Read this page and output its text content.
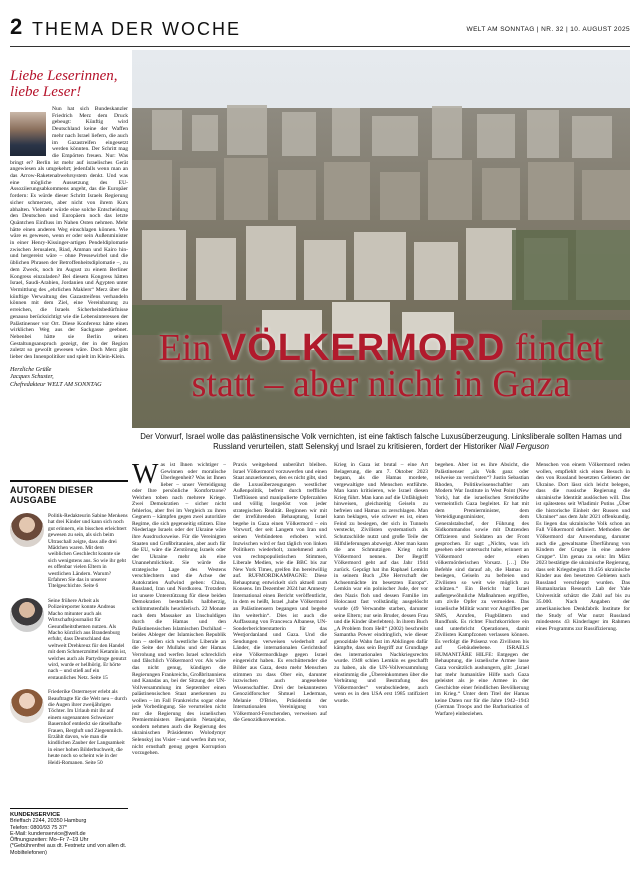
2 THEMA DER WOCHE	WELT AM SONNTAG | NR. 32 | 10. AUGUST 2025
Liebe Leserinnen, liebe Leser!
Nun hat sich Bundeskanzler Friedrich Merz dem Druck gebeugt: Künftig wird Deutschland keine der Waffen mehr nach Israel liefern, die auch im Gazastreifen eingesetzt werden könnten. Der Schritt mag die Empörten freuen. Nur: Was bringt er? Berlin ist mehr auf israelisches Gerät angewiesen als umgekehrt; jedenfalls wenn man an das Arrow-Raketenabwehrsystem denkt. Und was eine mögliche Aussetzung des EU-Assoziierungsabkommens angeht, das die Europäer fordern: Es würde dieser Schritt Israels Regierung sicher schmerzen, aber nicht von ihrem Kurs abhalten. Vielmehr würde eine solche Entscheidung den Deutschen und Europäern noch das letzte Quäntchen Einfluss im Nahen Osten nehmen. Mehr hätte einen anderen Weg einschlagen können. Wie wäre es gewesen, wenn er oder sein Außenminister in einer Henry-Kissinger-artigen Pendeldiplomatie zwischen Jerusalem, Riad, Amman und Kairo hin- und hergereist wäre – ohne Pressewirbel und die üblichen Phrasen der Betroffenheitsdiplomatie –, zu dem Zweck, noch im August zu einem Berliner Kongress einzuladen? Bei diesem Kongress hätten Israel, Saudi-Arabien, Jordanien und Ägypten unter Vermittlung des „ehrlichen Maklers“ Merz über die künftige Verwaltung des Gazastreifens verhandeln können mit dem Ziel, eine Vereinbarung zu erreichen, die Israels Sicherheitsbedürfnisse genauso berücksichtigt wie die Lebensinteressen der Palästinenser vor Ort. Diese Konferenz hätte einen wirklichen Weg aus der Sackgasse geebnet. Nebenbei hätte sie Berlin seinen Gestaltungsanspruch gezeigt, der in der Region zuletzt so gewollt gewesen wäre. Doch Merz gibt lieber den Innenpolitiker und spielt im Klein-Klein.
Herzliche Grüße
Jacques Schuster,
Chefredakteur WELT AM SONNTAG
AUTOREN DIESER AUSGABE
Politik-Redakteurin Sabine Menkens hat drei Kinder und kann sich noch gut erinnern, ein bisschen erleichtert gewesen zu sein, als sich beim Ultraschall zeigte, dass alle drei Mädchen waren. Mit dem weiblichen Geschlecht konnte sie sich wenigstens aus. So wie ihr geht es offenbar vielen Eltern in westlichen Ländern. Warum? Erfahren Sie das in unserer Titelgeschichte. Seite 6
Seine frühere Arbeit als Polizeireporter konnte Andreas Macho mitunter auch als Wirtschaftsjournalist für Gesundheitsthemen nutzen. Als Macho kürzlich aus Brandenburg erfuhr, dass Deutschland das weltweit Drehkreuz für den Handel mit dem Schmerzmittel Ketamin ist, welches auch als Partydroge genutzt wird, wurde er hellhörig. Er hörte nach – und stieß auf ein erstaunliches Netz. Seite 15
Friederike Ostermeyer erlebt als Beauftragte für die Welt neu – durch die Augen ihrer zweijährigen Töchter. Im Urlaub mit ihr auf einem sogenannten Schweizer Bauernhof entdeckt sie rätselhafte Frauen, Bergluft und Ziegenmilch. Erzählt davon, wie man die kindlichen Zauber der Langsamkeit in einer hohen Bilderbuchwelt, die heute noch so scheint wie in der Heidi-Romanen. Seite 50
KUNDENSERVICE
Brieffach 2244, 20350 Hamburg
Telefon: 0800/93 75 37*
E-Mail: kundenservice@welt.de
Öffnungszeiten: Mo–Fr 7–19 Uhr
(*Gebührenfrei aus dt. Festnetz und von allen dt. Mobiltelefonen)
Ein VÖLKERMORD findet
statt – aber nicht in Gaza
Der Vorwurf, Israel wolle das palästinensische Volk vernichten, ist eine faktisch falsche Luxusüberzeugung. Linksliberale sollten Hamas und Russland verurteilen, statt Selenskyj und Israel zu kritisieren, fordert der Historiker Niall Ferguson
W as ist Ihnen wichtiger – Gewinnen oder moralische Überlegenheit? Was ist Ihnen lieber – unser Verteidigung oder Ihre persönliche Komfortzone? Welchen toben nach mehrere Kriege. Zwei Demokratien – sicher nicht fehlerlos, aber frei im Vergleich zu ihren Gegnern – kämpfen gegen zwei autoritäre Regime, die sich gegenseitig stützen. Eine Niederlage Israels oder der Ukraine wäre ihre Ausdrucksweise. Für die Vereinigten Staaten und Großbritannien, aber auch für die EU, wäre die Zerstörung Israels oder der Ukraine mehr als eine Unannehmlichkeit. Sie würde die strategische Lage des Westens verschlechtern und die Achse der Autokratien Aufwind geben: China, Russland, Iran und Nordkorea. Trotzdem ist unsere Unterstützung für diese beiden Demokratien bestenfalls halbherzig, schlimmstenfalls heuchlerisch. 22 Monate nach dem Massaker an Unschuldigen durch die Hamas und den Palästinensischen Islamischen Dschihad – beides Ableger der Islamischen Republik Iran – stellen sich westliche Liberale an die Seite der Mullahs und der Hamas Verrohung und werfen Israel schrecklich und fälschlich Völkermord vor. Als wäre das nicht genug, kündigen die Regierungen Frankreichs, Großbritanniens und Kanadas an, bei der Sitzung der UN-Vollversammlung im September einen palästinensischen Staat anerkennen zu wollen – im Fall Frankreichs sogar ohne jede Vorbedingung. Sie verurteilen nicht nur die Regierung des israelischen Premierministers Benjamin Netanjahu, sondern nehmen auch die Regierung des ukrainischen Präsidenten Wolodymyr Selenskyj ins Visier – und werfen ihm vor, nicht ernsthaft genug gegen Korruption vorzugehen.
Praxis weitgehend unberührt bleiben. Israel Völkermord vorzuwerfen und einen Staat anzuerkennen, den es nicht gibt, sind die Luxusüberzeugungen westlicher Außenpolitik, befreit durch treffliche Tiefflüssen und manipulierte Opferzahlen und völlig losgelöst von jeder strategischen Realität. Beginnen wir mit der irreführenden Behauptung, Israel begehe in Gaza einen Völkermord – ein Vorwurf, der seit Langem von Iran und seinen Verbündeten erhoben wird. Inzwischen wird er fast täglich von linken Politikern wiederholt, zunehmend auch von rechtspopulistischen Stimmen, Liberale Medien, wie die BBC bis zur New York Times, greifen ihn bereitwillig auf. RUFMORDKAMPAGNE: Diese Behauptung entwickelt sich aktuell zum Konsens. Im Dezember 2024 hat Amnesty International einen Bericht veröffentlicht, in dem es heißt, Israel „habe Völkermord an Palästinensern begangen und begehe ihn weiterhin“. Dies ist auch die Auffassung von Francesca Albanese, UN-Sonderberichterstatterin für das Westjordanland und Gaza. Und die Sendungen verweisen wiederholt auf Länder, die internationalen Gerichtshof eine Völkermordklage gegen Israel eingereicht haben. Es erschütternder die Bilder aus Gaza, desto mehr Menschen stimmen zu dass Ober ein, darunter inzwischen auch angesehene Wissenschaftler. Drei der bekanntesten Genozidforscher Shmuel Lederman, Melanie O'Brien, Präsidentin der Internationalen Vereinigung von Völkermord-Forschenden, verweisen auf die Genozidkonvention.
Krieg in Gaza ist brutal – eine Art Belagerung, die am 7. Oktober 2023 begann, als die Hamas mordete, vergewaltigte und Menschen entführte. Man kann kritisieren, wie Israel diesen Krieg führt. Man kann auf die Unfähigkeit hinweisen, gleichzeitig Geiseln zu befreien und Hamas zu zerschlagen. Man kann beklagen, wie schwer es ist, einen Feind zu besiegen, der sich in Tunneln versteckt, Zivilisten systematisch als Schutzschilde nutzt und große Teile der Hilfslieferungen abzweigt. Aber man kann die ans Schmutzigen Krieg nicht Völkermord nennen. Der Begriff Völkermord geht auf das Jahr 1944 zurück. Geprägt hat ihn Raphael Lemkin in seinem Buch „Die Herrschaft der Achsenmächte im besetzten Europa“. Lemkin war ein polnischer Jude, der vor den Nazis floh und dessen Familie im Holocaust fast vollständig ausgelöscht wurde (49 Verwandte starben, darunter seine Eltern; nur sein Bruder, dessen Frau und die Kinder überlebten). In ihrem Buch „A Problem from Hell“ (2002) beschreibt Samantha Power eindringlich, wie dieser genozidale Wahn fast im Abklingen dafür kämpfte, dass sein Begriff zur Grundlage des internationalen Nachkriegsrechts wurde. 1948 schien Lemkin es geschafft zu haben, als die UN-Vollversammlung einstimmig die „Übereinkommen über die Verhütung und Bestrafung des Völkermordes“ verabschiedete, auch wenn es in den USA erst 1985 ratifiziert wurde.
begehen. Aber ist es ihre Absicht, die Palästinenser „als Volk ganz oder teilweise zu vernichten“? Justin Sebastian Rhoden, Politikwissenschaftler am Modern War Institute in West Point (New York), hat die israelischen Streitkräfte vermeintlich Gaza begleitet. Er hat mit dem Premierminister, dem Verteidigungsminister, dem Generalstabschef, der Führung des Südkommandos sowie mit Dutzenden Offizieren und Soldaten an der Front gesprochen. Er sagt: „Nichts, was ich gesehen oder untersucht habe, erinnert an Völkermord oder einen völkermörderischen Vorsatz. […] Die Befehle sind darauf ab, die Hamas zu besiegen, Geiseln zu befreien und Zivilisten so weit wie möglich zu schützen.“ Ein Bericht hat Israel außergewöhnliche Maßnahmen ergriffen, um zivile Opfer zu vermeiden. Das israelische Militär warnt vor Angriffen per SMS, Anrufen, Flugblättern und Rundfunk. Es richtet Fluchtkorridore ein und unterbricht Operationen, damit Zivilisten Kampfzonen verlassen können. Es verfolgt die Präsenz von Zivilisten bis auf Gebäudeebene. ISRAELS HUMANITÄRE HILFE: Entgegen der Behauptung, die israelische Armee lasse Gaza vorsätzlich aushungern, gilt: „Israel hat mehr humanitäre Hilfe nach Gaza geleistet als je eine Armee in der Geschichte einer feindlichen Bevölkerung im Krieg.“ Unter dem Titel der Hamas keine Daten nur für die Jahre 1942–1943 (German Troops and the Barbarisation of Warfare) einbeziehen.
Menschen von einem Völkermord reden wollen, empfiehlt sich einen Besuch in den von Russland besetzten Gebieten der Ukraine. Dort lässt sich leicht belegen, dass die russische Regierung die ukrainische Identität auslöschen will. Das ist spätestens seit Wladimir Putins „Über die historische Einheit der Russen und Ukrainer“ aus dem Jahr 2021 offenkundig. Es liegen das ukrainische Volk schon an Fall Völkermord definiert. Methoden der Völkermord dar Anwendung, darunter auch die „gewaltsame Überführung von Kindern der Gruppe in eine andere Gruppe“. Um genau zu sein: Im März 2023 bestätigte die ukrainische Regierung, dass seit Kriegsbeginn 19.456 ukrainische Kinder aus den besetzten Gebieten nach Russland verschleppt wurden. Das Humanitarian Research Lab der Yale Universität schätzt die Zahl auf bis zu 35.000. Nach Angaben der amerikanischen Denkfabrik Institute for the Study of War nutzt Russland mindestens 43 Kinderlager im Rahmen eines Programms zur Russifizierung.
